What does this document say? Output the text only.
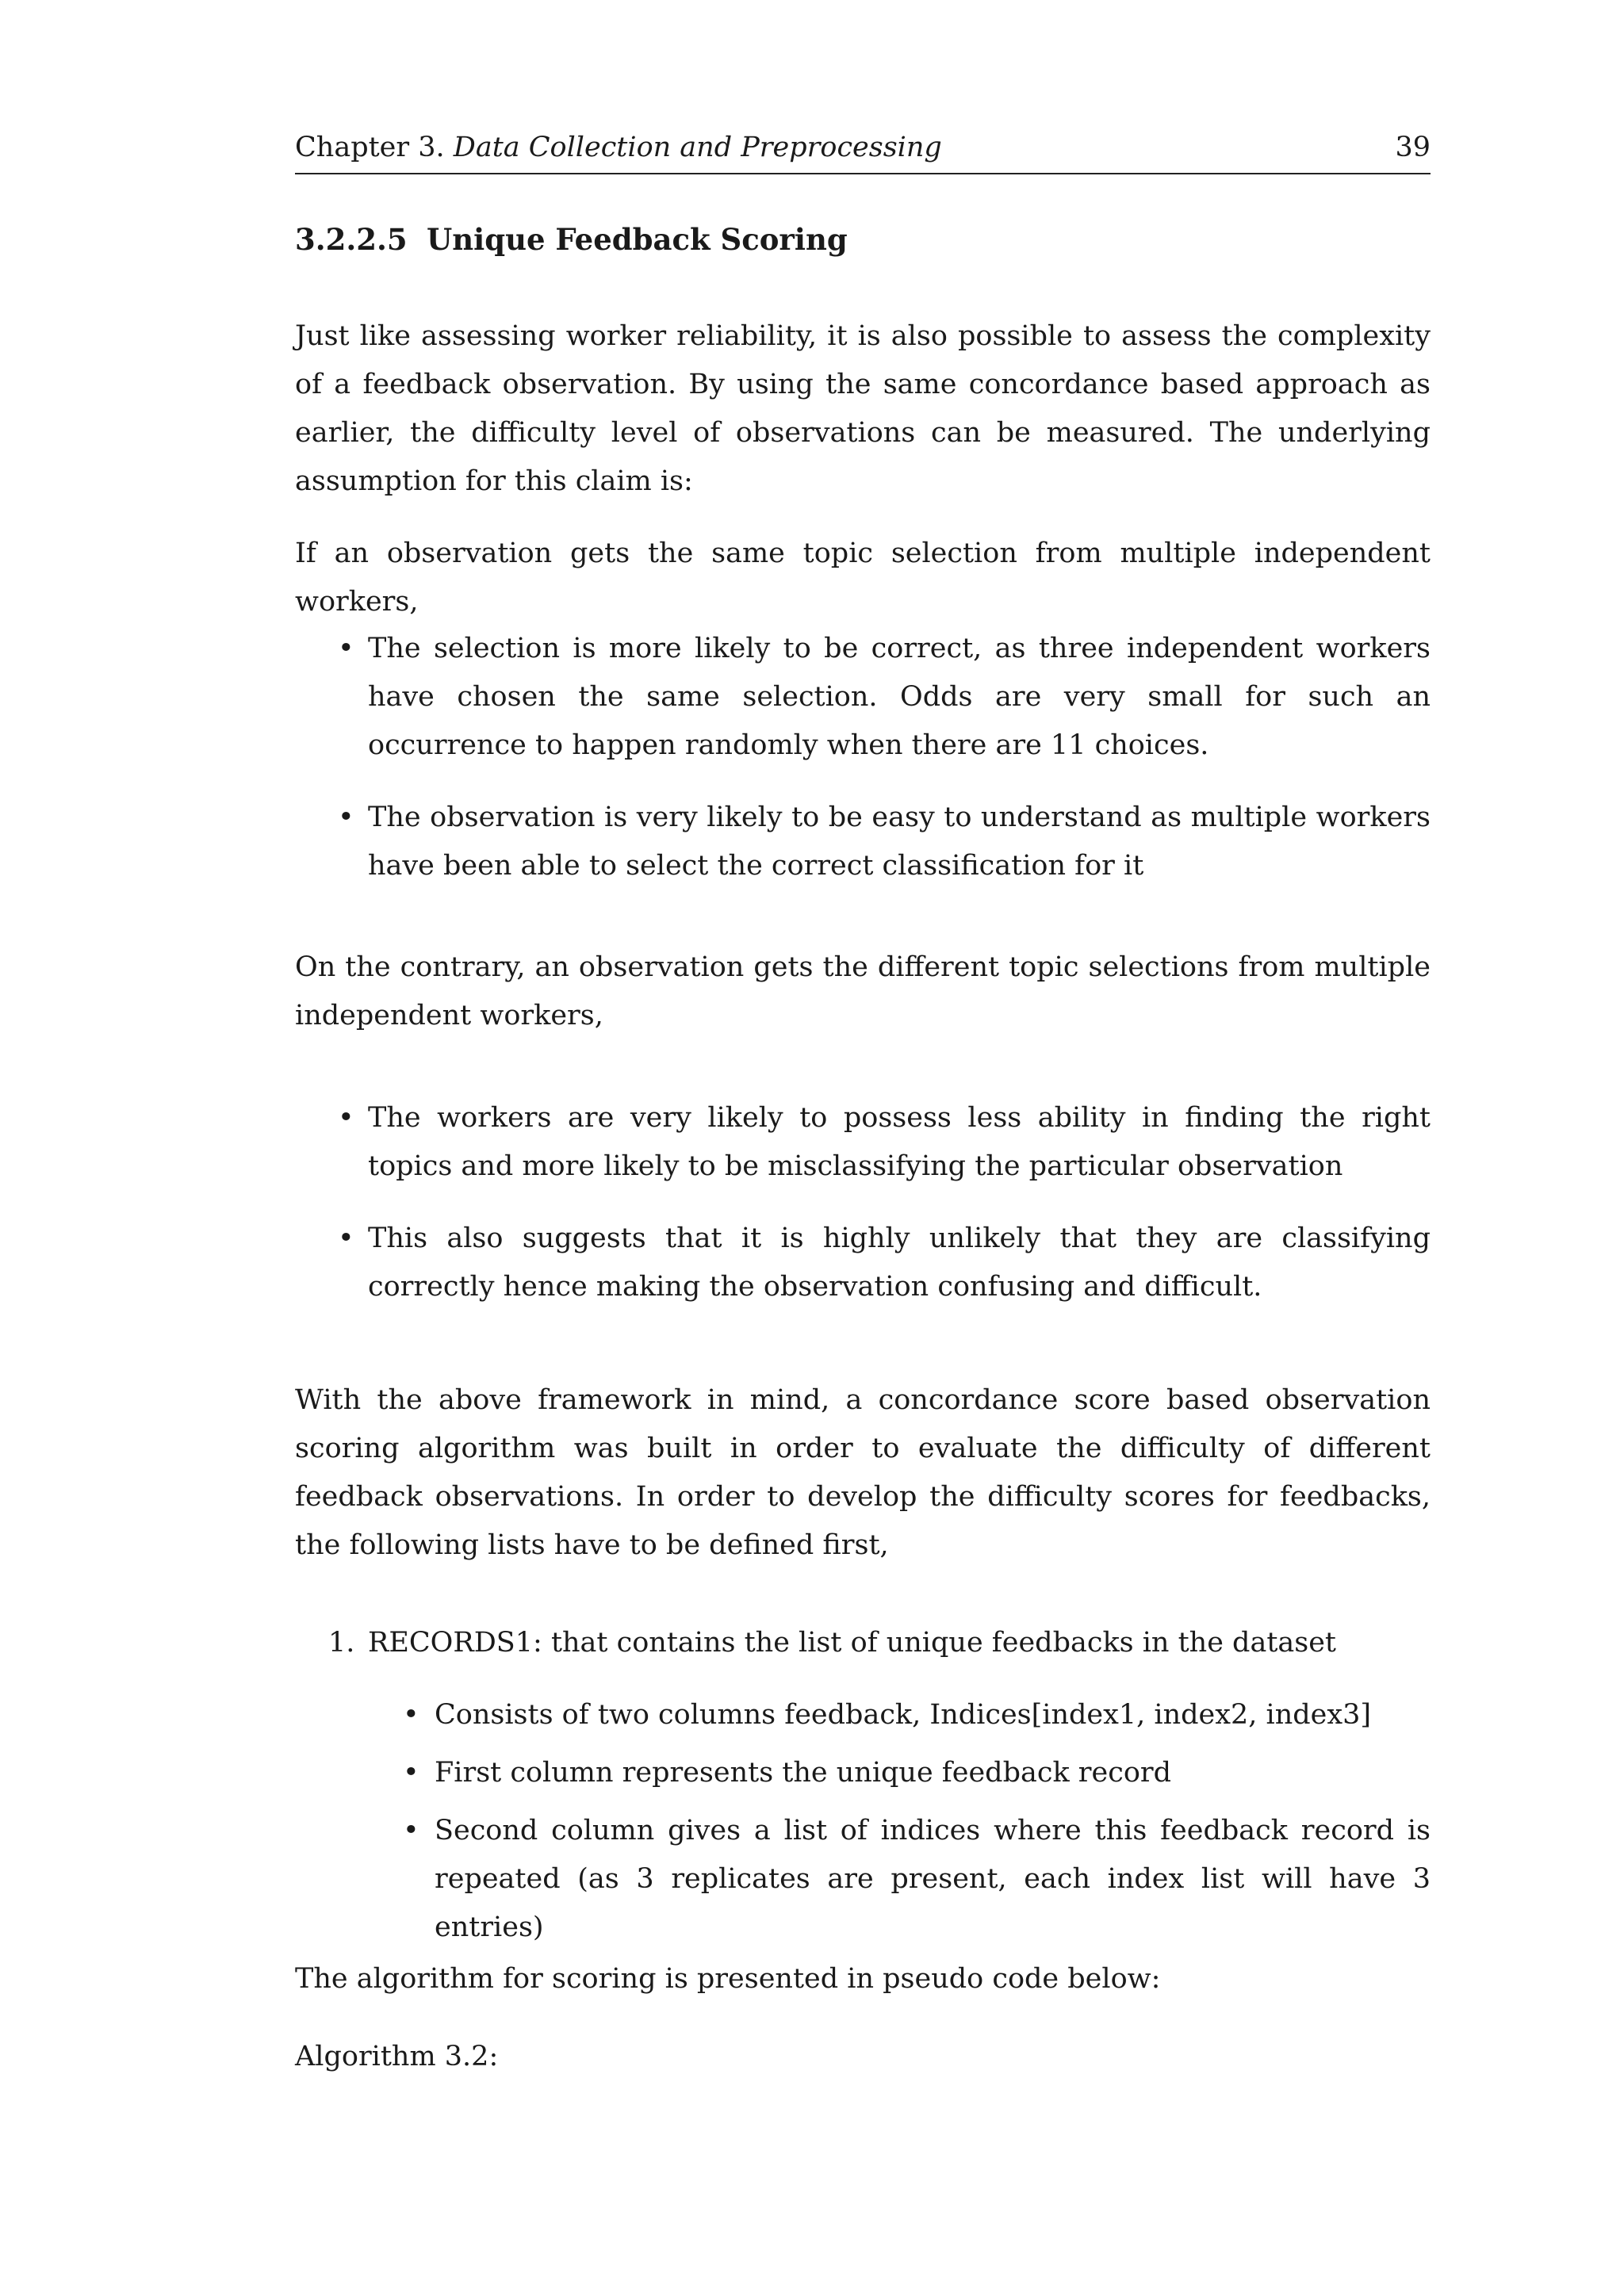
Chapter 3. Data Collection and Preprocessing	39
3.2.2.5 Unique Feedback Scoring

Just like assessing worker reliability, it is also possible to assess the complexity of a feedback observation. By using the same concordance based approach as earlier, the difficulty level of observations can be measured. The underlying assumption for this claim is:

If an observation gets the same topic selection from multiple independent workers,

• The selection is more likely to be correct, as three independent workers have chosen the same selection. Odds are very small for such an occurrence to happen randomly when there are 11 choices.

• The observation is very likely to be easy to understand as multiple workers have been able to select the correct classification for it

On the contrary, an observation gets the different topic selections from multiple independent workers,

• The workers are very likely to possess less ability in finding the right topics and more likely to be misclassifying the particular observation

• This also suggests that it is highly unlikely that they are classifying correctly hence making the observation confusing and difficult.

With the above framework in mind, a concordance score based observation scoring algorithm was built in order to evaluate the difficulty of different feedback observations. In order to develop the difficulty scores for feedbacks, the following lists have to be defined first,

1. RECORDS1: that contains the list of unique feedbacks in the dataset

• Consists of two columns feedback, Indices[index1, index2, index3]

• First column represents the unique feedback record

• Second column gives a list of indices where this feedback record is repeated (as 3 replicates are present, each index list will have 3 entries)

The algorithm for scoring is presented in pseudo code below:

Algorithm 3.2:
